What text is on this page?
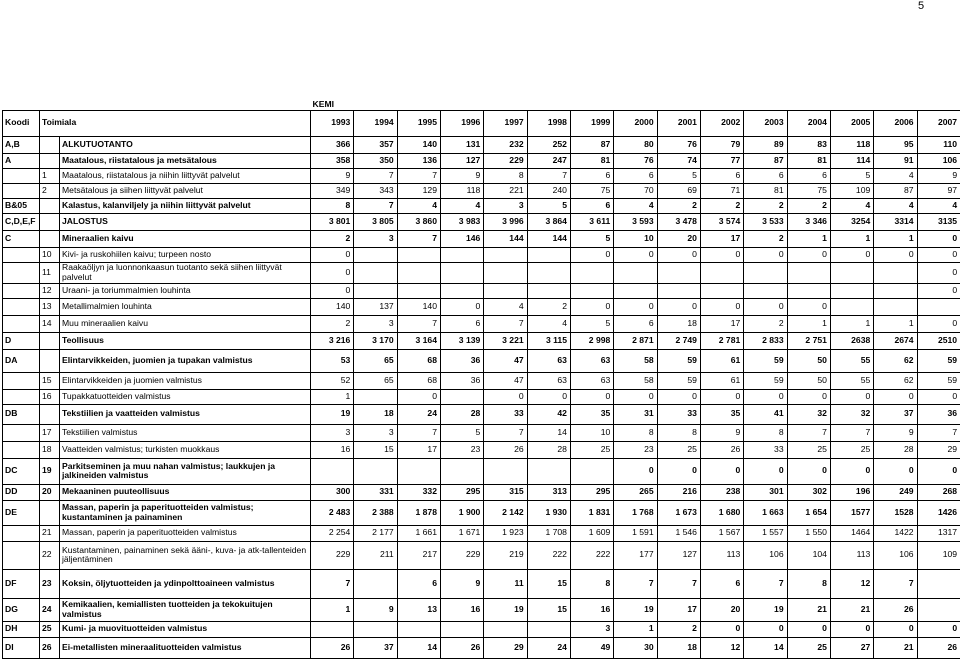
5
			KEMI														
Koodi	Toimiala		1993	1994	1995	1996	1997	1998	1999	2000	2001	2002	2003	2004	2005	2006	2007
A,B		ALKUTUOTANTO	366	357	140	131	232	252	87	80	76	79	89	83	118	95	110
A		Maatalous, riistatalous ja metsätalous	358	350	136	127	229	247	81	76	74	77	87	81	114	91	106
	1	Maatalous, riistatalous ja niihin liittyvät palvelut	9	7	7	9	8	7	6	6	5	6	6	6	5	4	9
	2	Metsätalous ja siihen liittyvät palvelut	349	343	129	118	221	240	75	70	69	71	81	75	109	87	97
B&05		Kalastus, kalanviljely ja niihin liittyvät palvelut	8	7	4	4	3	5	6	4	2	2	2	2	4	4	4
C,D,E,F		JALOSTUS	3 801	3 805	3 860	3 983	3 996	3 864	3 611	3 593	3 478	3 574	3 533	3 346	3254	3314	3135
C		Mineraalien kaivu	2	3	7	146	144	144	5	10	20	17	2	1	1	1	0
	10	Kivi- ja ruskohiilen kaivu; turpeen nosto	0						0	0	0	0	0	0	0	0	0
	11	Raakaöljyn ja luonnonkaasun tuotanto sekä siihen liittyvät palvelut	0														0
	12	Uraani- ja toriummalmien louhinta	0														0
	13	Metallimalmien louhinta	140	137	140	0	4	2	0	0	0	0	0	0			
	14	Muu mineraalien kaivu	2	3	7	6	7	4	5	6	18	17	2	1	1	1	0
D		Teollisuus	3 216	3 170	3 164	3 139	3 221	3 115	2 998	2 871	2 749	2 781	2 833	2 751	2638	2674	2510
DA		Elintarvikkeiden, juomien ja tupakan valmistus	53	65	68	36	47	63	63	58	59	61	59	50	55	62	59
	15	Elintarvikkeiden ja juomien valmistus	52	65	68	36	47	63	63	58	59	61	59	50	55	62	59
	16	Tupakkatuotteiden valmistus	1		0		0	0	0	0	0	0	0	0	0	0	0
DB		Tekstiilien ja vaatteiden valmistus	19	18	24	28	33	42	35	31	33	35	41	32	32	37	36
	17	Tekstiilien valmistus	3	3	7	5	7	14	10	8	8	9	8	7	7	9	7
	18	Vaatteiden valmistus; turkisten muokkaus	16	15	17	23	26	28	25	23	25	26	33	25	25	28	29
DC	19	Parkitseminen ja muu nahan valmistus; laukkujen ja jalkineiden valmistus								0	0	0	0	0	0	0	0
DD	20	Mekaaninen puuteollisuus	300	331	332	295	315	313	295	265	216	238	301	302	196	249	268
DE		Massan, paperin ja paperituotteiden valmistus; kustantaminen ja painaminen	2 483	2 388	1 878	1 900	2 142	1 930	1 831	1 768	1 673	1 680	1 663	1 654	1577	1528	1426
	21	Massan, paperin ja paperituotteiden valmistus	2 254	2 177	1 661	1 671	1 923	1 708	1 609	1 591	1 546	1 567	1 557	1 550	1464	1422	1317
	22	Kustantaminen, painaminen sekä ääni-, kuva- ja atk-tallenteiden jäljentäminen	229	211	217	229	219	222	222	177	127	113	106	104	113	106	109
DF	23	Koksin, öljytuotteiden ja ydinpolttoaineen valmistus	7		6	9	11	15	8	7	7	6	7	8	12	7	
DG	24	Kemikaalien, kemiallisten tuotteiden ja tekokuitujen valmistus	1	9	13	16	19	15	16	19	17	20	19	21	21	26	
DH	25	Kumi- ja muovituotteiden valmistus							3	1	2	0	0	0	0	0	0
DI	26	Ei-metallisten mineraalituotteiden valmistus	26	37	14	26	29	24	49	30	18	12	14	25	27	21	26
